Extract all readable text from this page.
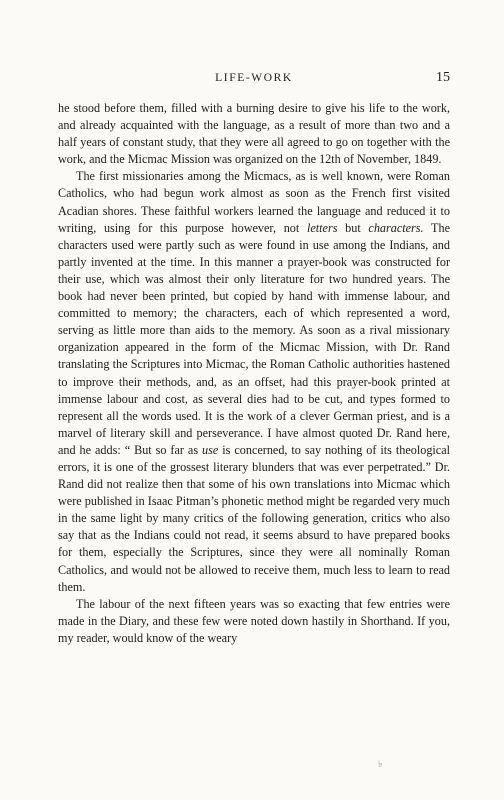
LIFE-WORK	15

he stood before them, filled with a burning desire to give his life to the work, and already acquainted with the language, as a result of more than two and a half years of constant study, that they were all agreed to go on together with the work, and the Micmac Mission was organized on the 12th of November, 1849.

The first missionaries among the Micmacs, as is well known, were Roman Catholics, who had begun work almost as soon as the French first visited Acadian shores. These faithful workers learned the language and reduced it to writing, using for this purpose however, not letters but characters. The characters used were partly such as were found in use among the Indians, and partly invented at the time. In this manner a prayer-book was constructed for their use, which was almost their only literature for two hundred years. The book had never been printed, but copied by hand with immense labour, and committed to memory; the characters, each of which represented a word, serving as little more than aids to the memory. As soon as a rival missionary organization appeared in the form of the Micmac Mission, with Dr. Rand translating the Scriptures into Micmac, the Roman Catholic authorities hastened to improve their methods, and, as an offset, had this prayer-book printed at immense labour and cost, as several dies had to be cut, and types formed to represent all the words used. It is the work of a clever German priest, and is a marvel of literary skill and perseverance. I have almost quoted Dr. Rand here, and he adds: “ But so far as use is concerned, to say nothing of its theological errors, it is one of the grossest literary blunders that was ever perpetrated.” Dr. Rand did not realize then that some of his own translations into Micmac which were published in Isaac Pitman’s phonetic method might be regarded very much in the same light by many critics of the following generation, critics who also say that as the Indians could not read, it seems absurd to have prepared books for them, especially the Scriptures, since they were all nominally Roman Catholics, and would not be allowed to receive them, much less to learn to read them.

The labour of the next fifteen years was so exacting that few entries were made in the Diary, and these few were noted down hastily in Shorthand. If you, my reader, would know of the weary

৳
